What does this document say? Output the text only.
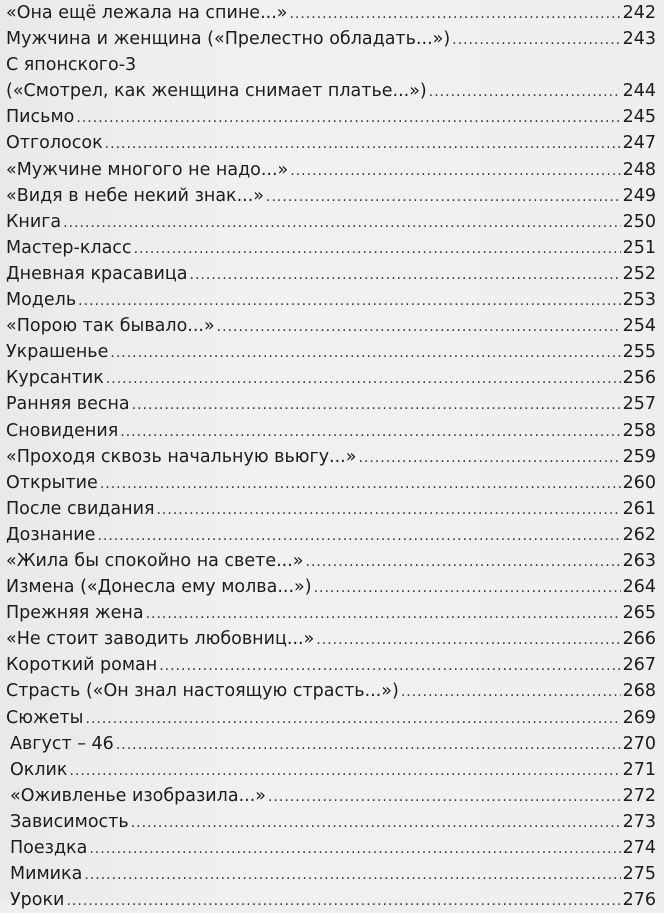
«Она ещё лежала на спине...» .....	242
Мужчина и женщина («Прелестно обладать...») .....	243
С японского-3
(«Смотрел, как женщина снимает платье...») .....	244
Письмо .....	245
Отголосок .....	247
«Мужчине многого не надо...» .....	248
«Видя в небе некий знак...» .....	249
Книга .....	250
Мастер-класс .....	251
Дневная красавица .....	252
Модель .....	253
«Порою так бывало...» .....	254
Украшенье .....	255
Курсантик .....	256
Ранняя весна .....	257
Сновидения .....	258
«Проходя сквозь начальную вьюгу...» .....	259
Открытие .....	260
После свидания .....	261
Дознание .....	262
«Жила бы спокойно на свете...» .....	263
Измена («Донесла ему молва...») .....	264
Прежняя жена .....	265
«Не стоит заводить любовниц...» .....	266
Короткий роман .....	267
Страсть («Он знал настоящую страсть...») .....	268
Сюжеты .....	269
Август – 46 .....	270
Оклик .....	271
«Оживленье изобразила...» .....	272
Зависимость .....	273
Поездка .....	274
Мимика .....	275
Уроки .....	276
